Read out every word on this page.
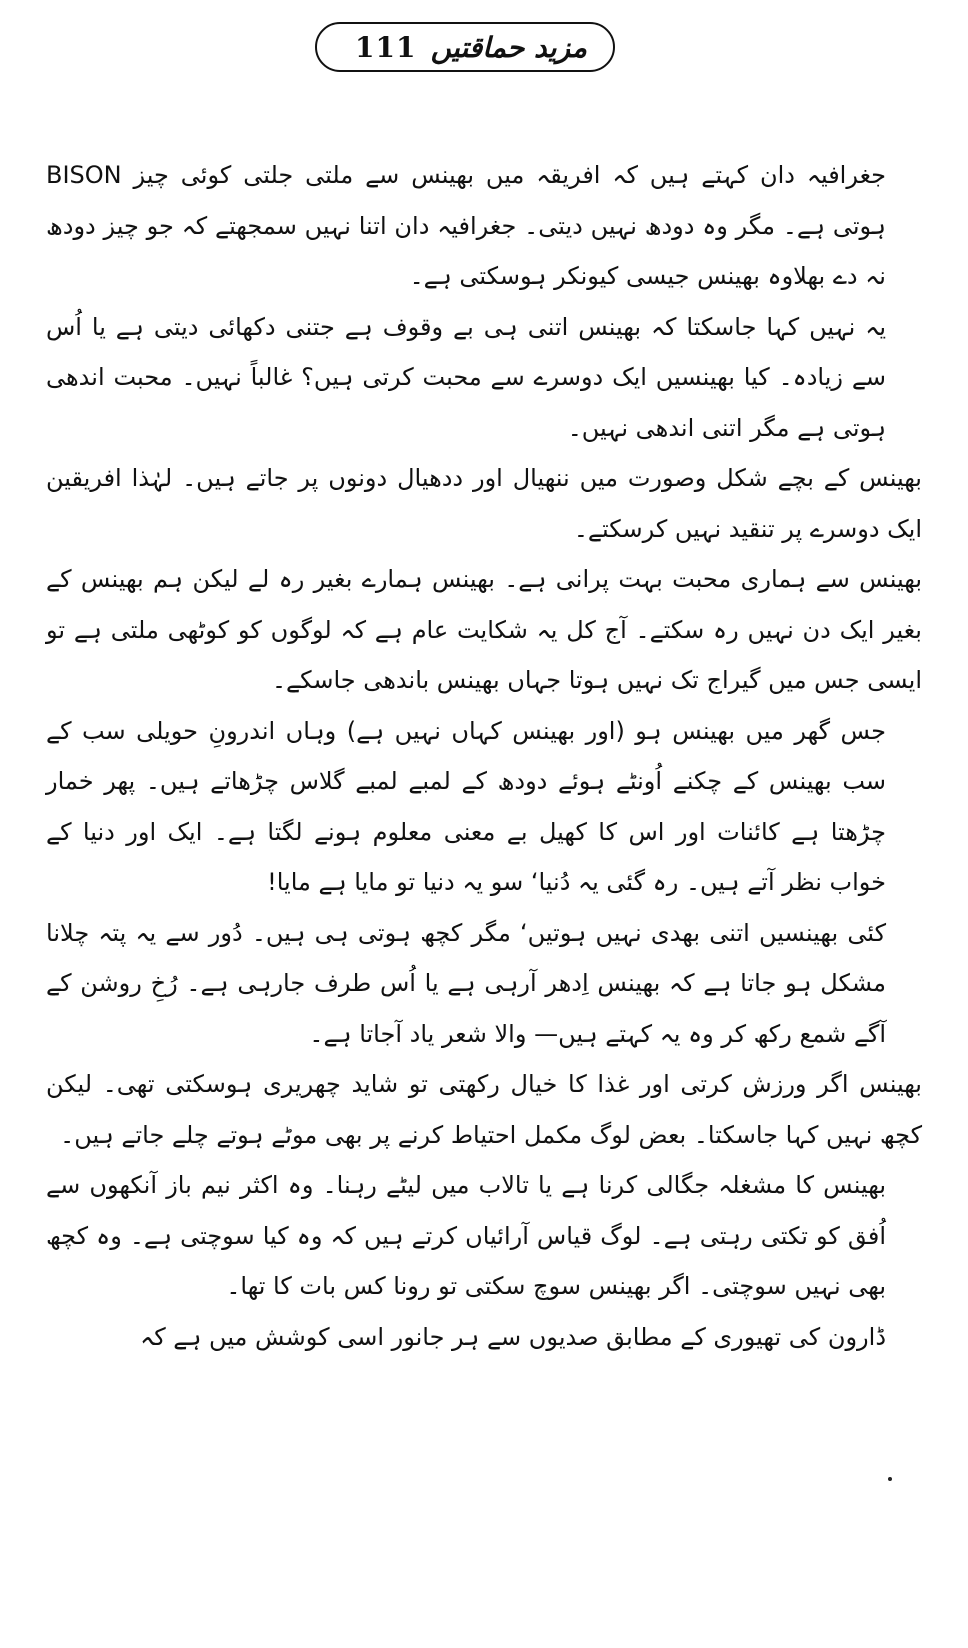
111 مزید حماقتیں

جغرافیہ دان کہتے ہیں کہ افریقہ میں بھینس سے ملتی جلتی کوئی چیز BISON ہوتی ہے۔ مگر وہ دودھ نہیں دیتی۔ جغرافیہ دان اتنا نہیں سمجھتے کہ جو چیز دودھ نہ دے بھلاوہ بھینس جیسی کیونکر ہوسکتی ہے۔

یہ نہیں کہا جاسکتا کہ بھینس اتنی ہی بے وقوف ہے جتنی دکھائی دیتی ہے یا اُس سے زیادہ۔ کیا بھینسیں ایک دوسرے سے محبت کرتی ہیں؟ غالباً نہیں۔ محبت اندھی ہوتی ہے مگر اتنی اندھی نہیں۔

بھینس کے بچے شکل وصورت میں ننھیال اور ددھیال دونوں پر جاتے ہیں۔ لہٰذا افریقین ایک دوسرے پر تنقید نہیں کرسکتے۔

بھینس سے ہماری محبت بہت پرانی ہے۔ بھینس ہمارے بغیر رہ لے لیکن ہم بھینس کے بغیر ایک دن نہیں رہ سکتے۔ آج کل یہ شکایت عام ہے کہ لوگوں کو کوٹھی ملتی ہے تو ایسی جس میں گیراج تک نہیں ہوتا جہاں بھینس باندھی جاسکے۔

جس گھر میں بھینس ہو (اور بھینس کہاں نہیں ہے) وہاں اندرونِ حویلی سب کے سب بھینس کے چکنے اُونٹے ہوئے دودھ کے لمبے لمبے گلاس چڑھاتے ہیں۔ پھر خمار چڑھتا ہے کائنات اور اس کا کھیل بے معنی معلوم ہونے لگتا ہے۔ ایک اور دنیا کے خواب نظر آتے ہیں۔ رہ گئی یہ دُنیا‘ سو یہ دنیا تو مایا ہے مایا!

کئی بھینسیں اتنی بھدی نہیں ہوتیں‘ مگر کچھ ہوتی ہی ہیں۔ دُور سے یہ پتہ چلانا مشکل ہو جاتا ہے کہ بھینس اِدھر آرہی ہے یا اُس طرف جارہی ہے۔ رُخِ روشن کے آگے شمع رکھ کر وہ یہ کہتے ہیں— والا شعر یاد آجاتا ہے۔

بھینس اگر ورزش کرتی اور غذا کا خیال رکھتی تو شاید چھریری ہوسکتی تھی۔ لیکن کچھ نہیں کہا جاسکتا۔ بعض لوگ مکمل احتیاط کرنے پر بھی موٹے ہوتے چلے جاتے ہیں۔

بھینس کا مشغلہ جگالی کرنا ہے یا تالاب میں لیٹے رہنا۔ وہ اکثر نیم باز آنکھوں سے اُفق کو تکتی رہتی ہے۔ لوگ قیاس آرائیاں کرتے ہیں کہ وہ کیا سوچتی ہے۔ وہ کچھ بھی نہیں سوچتی۔ اگر بھینس سوچ سکتی تو رونا کس بات کا تھا۔

ڈارون کی تھیوری کے مطابق صدیوں سے ہر جانور اسی کوشش میں ہے کہ
